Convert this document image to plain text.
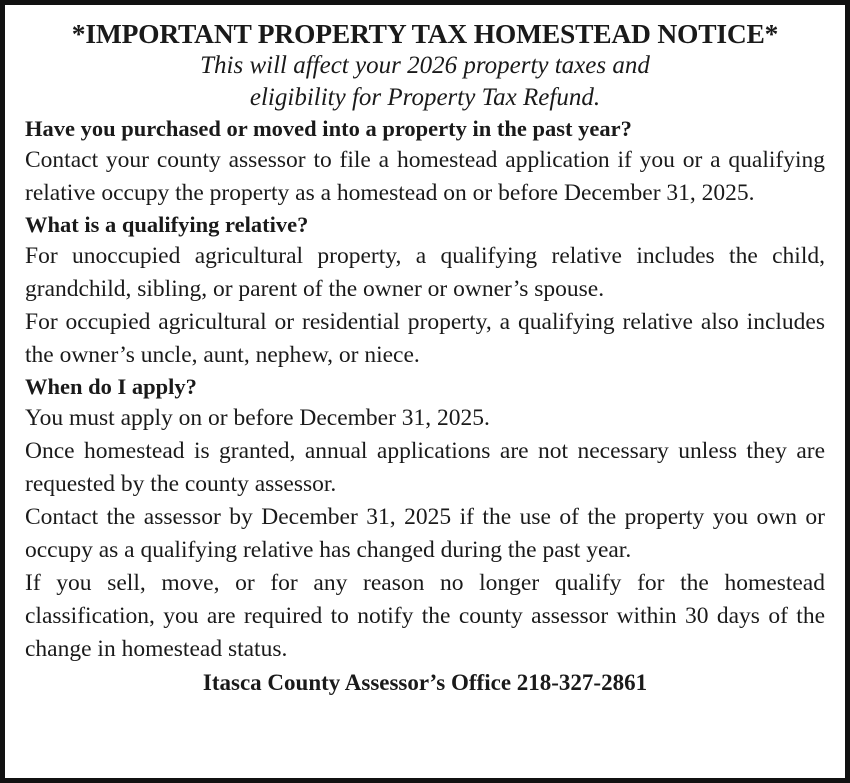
*IMPORTANT PROPERTY TAX HOMESTEAD NOTICE*

This will affect your 2026 property taxes and

eligibility for Property Tax Refund.

Have you purchased or moved into a property in the past year?

Contact your county assessor to file a homestead application if you or a qualifying relative occupy the property as a homestead on or before December 31, 2025.

What is a qualifying relative?

For unoccupied agricultural property, a qualifying relative includes the child, grandchild, sibling, or parent of the owner or owner’s spouse.

For occupied agricultural or residential property, a qualifying relative also includes the owner’s uncle, aunt, nephew, or niece.

When do I apply?

You must apply on or before December 31, 2025.

Once homestead is granted, annual applications are not necessary unless they are requested by the county assessor.

Contact the assessor by December 31, 2025 if the use of the property you own or occupy as a qualifying relative has changed during the past year.

If you sell, move, or for any reason no longer qualify for the homestead classification, you are required to notify the county assessor within 30 days of the change in homestead status.

Itasca County Assessor’s Office 218-327-2861
